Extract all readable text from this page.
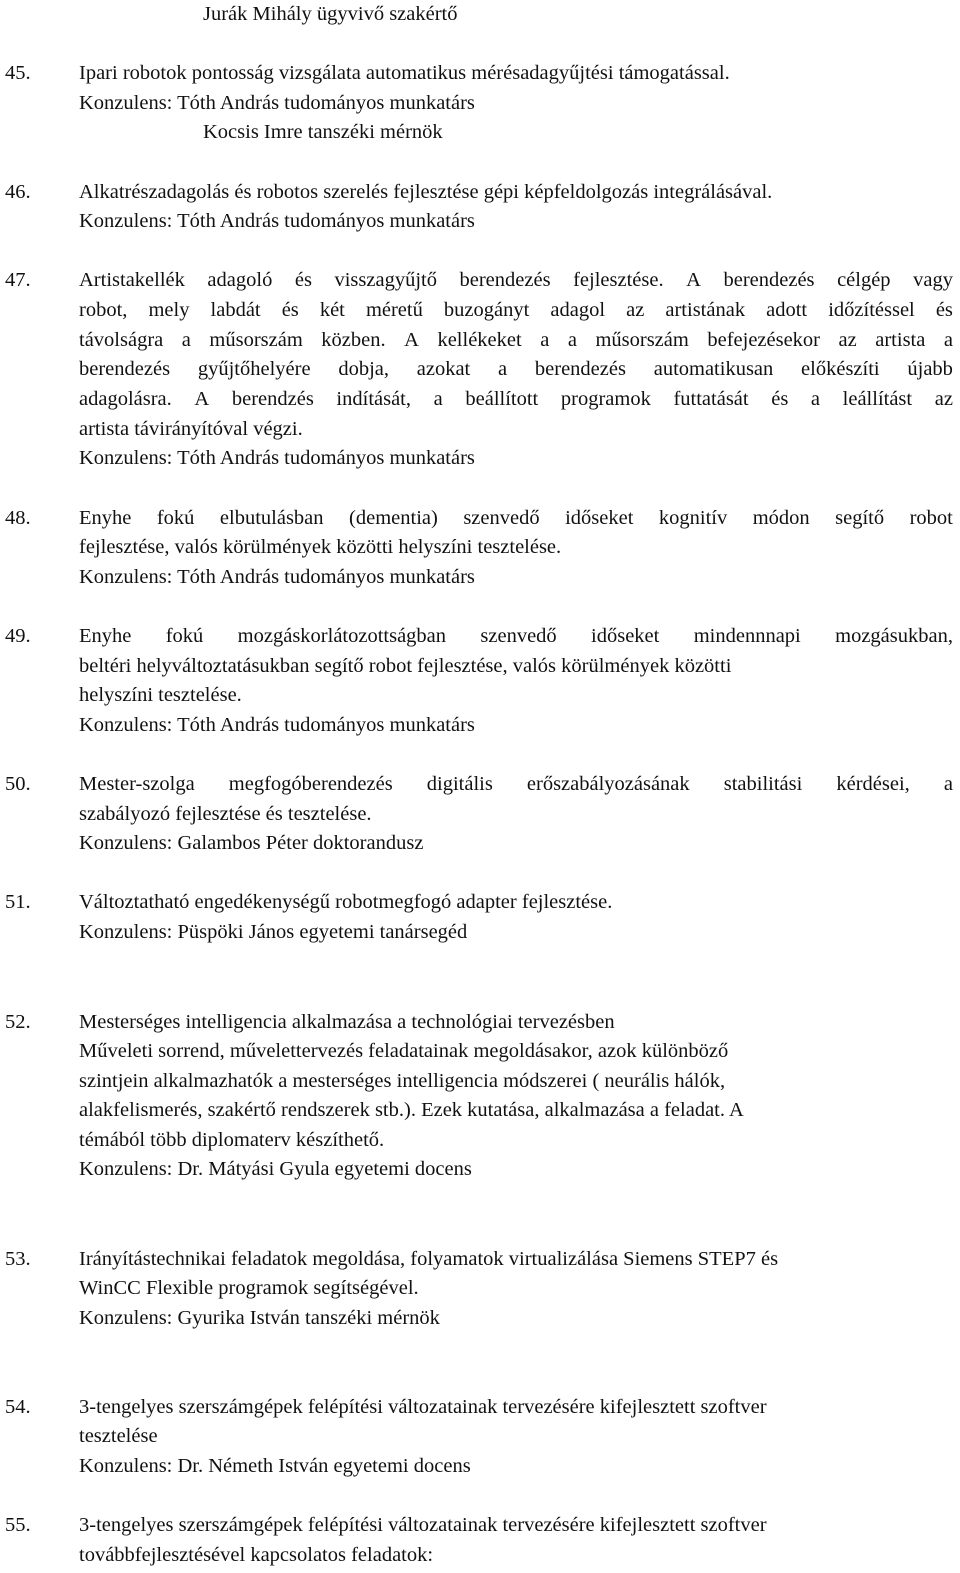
Jurák Mihály ügyvivő szakértő
45. Ipari robotok pontosság vizsgálata automatikus mérésadagyűjtési támogatással.
Konzulens: Tóth András tudományos munkatárs
Kocsis Imre tanszéki mérnök
46. Alkatrészadagolás és robotos szerelés fejlesztése gépi képfeldolgozás integrálásával.
Konzulens: Tóth András tudományos munkatárs
47. Artistakellék adagoló és visszagyűjtő berendezés fejlesztése. A berendezés célgép vagy
robot, mely labdát és két méretű buzogányt adagol az artistának adott időzítéssel és
távolságra a műsorszám közben. A kellékeket a a műsorszám befejezésekor az artista a
berendezés gyűjtőhelyére dobja, azokat a berendezés automatikusan előkészíti újabb
adagolásra. A berendzés indítását, a beállított programok futtatását és a leállítást az
artista távirányítóval végzi.
Konzulens: Tóth András tudományos munkatárs
48. Enyhe fokú elbutulásban (dementia) szenvedő időseket kognitív módon segítő robot
fejlesztése, valós körülmények közötti helyszíni tesztelése.
Konzulens: Tóth András tudományos munkatárs
49. Enyhe fokú mozgáskorlátozottságban szenvedő időseket mindennnapi mozgásukban,
beltéri helyváltoztatásukban segítő robot fejlesztése, valós körülmények közötti
helyszíni tesztelése.
Konzulens: Tóth András tudományos munkatárs
50. Mester-szolga megfogóberendezés digitális erőszabályozásának stabilitási kérdései, a
szabályozó fejlesztése és tesztelése.
Konzulens: Galambos Péter doktorandusz
51. Változtatható engedékenységű robotmegfogó adapter fejlesztése.
Konzulens: Püspöki János egyetemi tanársegéd
52. Mesterséges intelligencia alkalmazása a technológiai tervezésben
Műveleti sorrend, művelettervezés feladatainak megoldásakor, azok különböző
szintjein alkalmazhatók a mesterséges intelligencia módszerei ( neurális hálók,
alakfelismerés, szakértő rendszerek stb.). Ezek kutatása, alkalmazása a feladat. A
témából több diplomaterv készíthető.
Konzulens: Dr. Mátyási Gyula egyetemi docens
53. Irányítástechnikai feladatok megoldása, folyamatok virtualizálása Siemens STEP7 és
WinCC Flexible programok segítségével.
Konzulens: Gyurika István tanszéki mérnök
54. 3-tengelyes szerszámgépek felépítési változatainak tervezésére kifejlesztett szoftver
tesztelése
Konzulens: Dr. Németh István egyetemi docens
55. 3-tengelyes szerszámgépek felépítési változatainak tervezésére kifejlesztett szoftver
továbbfejlesztésével kapcsolatos feladatok:
